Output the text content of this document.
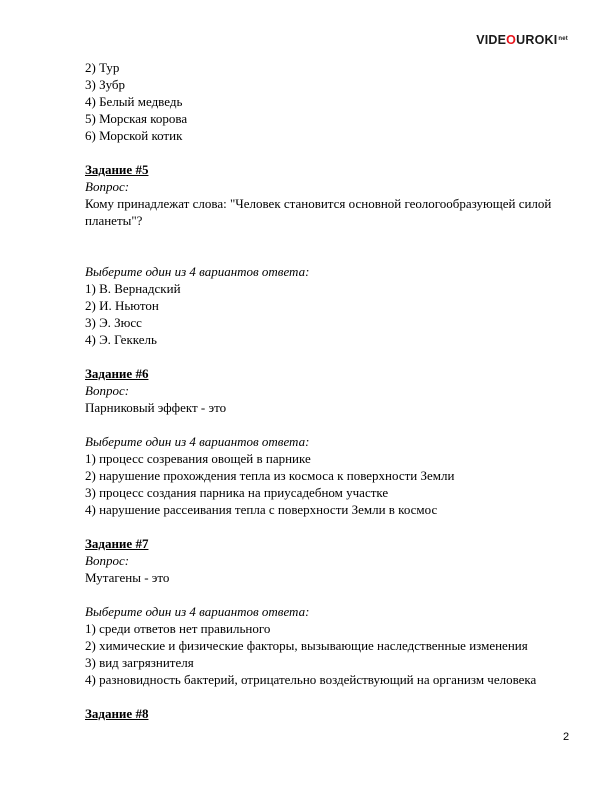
VIDE O UROKI net
2) Тур
3) Зубр
4) Белый медведь
5) Морская корова
6) Морской котик
Задание #5
Вопрос:
Кому принадлежат слова: "Человек становится основной геологообразующей силой планеты"?
Выберите один из 4 вариантов ответа:
1) В. Вернадский
2) И. Ньютон
3) Э. Зюсс
4) Э. Геккель
Задание #6
Вопрос:
Парниковый эффект - это
Выберите один из 4 вариантов ответа:
1) процесс созревания овощей в парнике
2) нарушение прохождения тепла из космоса к поверхности Земли
3) процесс создания парника на приусадебном участке
4) нарушение рассеивания тепла с поверхности Земли в космос
Задание #7
Вопрос:
Мутагены - это
Выберите один из 4 вариантов ответа:
1) среди ответов нет правильного
2) химические и физические факторы, вызывающие наследственные изменения
3) вид загрязнителя
4) разновидность бактерий, отрицательно воздействующий на организм человека
Задание #8
2
